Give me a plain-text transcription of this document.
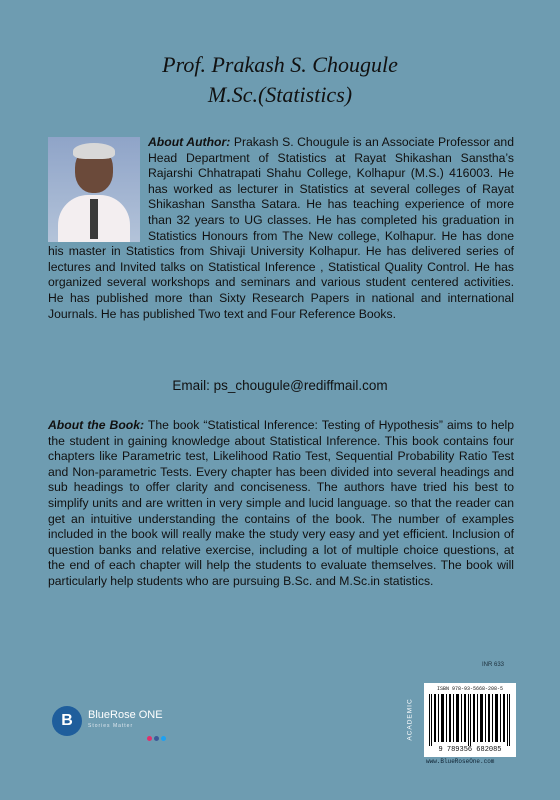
Prof. Prakash S. Chougule
M.Sc.(Statistics)
About Author: Prakash S. Chougule is an Associate Professor and Head Department of Statistics at Rayat Shikashan Sanstha’s Rajarshi Chhatrapati Shahu College, Kolhapur (M.S.) 416003. He has worked as lecturer in Statistics at several colleges of Rayat Shikashan Sanstha Satara. He has teaching experience of more than 32 years to UG classes. He has completed his graduation in Statistics Honours from The New college, Kolhapur. He has done his master in Statistics from Shivaji University Kolhapur. He has delivered series of lectures and Invited talks on Statistical Inference , Statistical Quality Control. He has organized several workshops and seminars and various student centered activities. He has published more than Sixty Research Papers in national and international Journals. He has published Two text and Four Reference Books.
Email: ps_chougule@rediffmail.com
About the Book: The book “Statistical Inference: Testing of Hypothesis” aims to help the student in gaining knowledge about Statistical Inference. This book contains four chapters like Parametric test, Likelihood Ratio Test, Sequential Probability Ratio Test and Non-parametric Tests. Every chapter has been divided into several headings and sub headings to offer clarity and conciseness. The authors have tried his best to simplify units and are written in very simple and lucid language. so that the reader can get an intuitive understanding the contains of the book. The number of examples included in the book will really make the study very easy and yet efficient. Inclusion of question banks and relative exercise, including a lot of multiple choice questions, at the end of each chapter will help the students to evaluate themselves. The book will particularly help students who are pursuing B.Sc. and M.Sc.in statistics.
B	BlueRose ONE
Stories Matter
INR 633
ACADEMIC
ISBN 978-93-5668-208-5
9 789356 682085
www.BlueRoseOne.com
